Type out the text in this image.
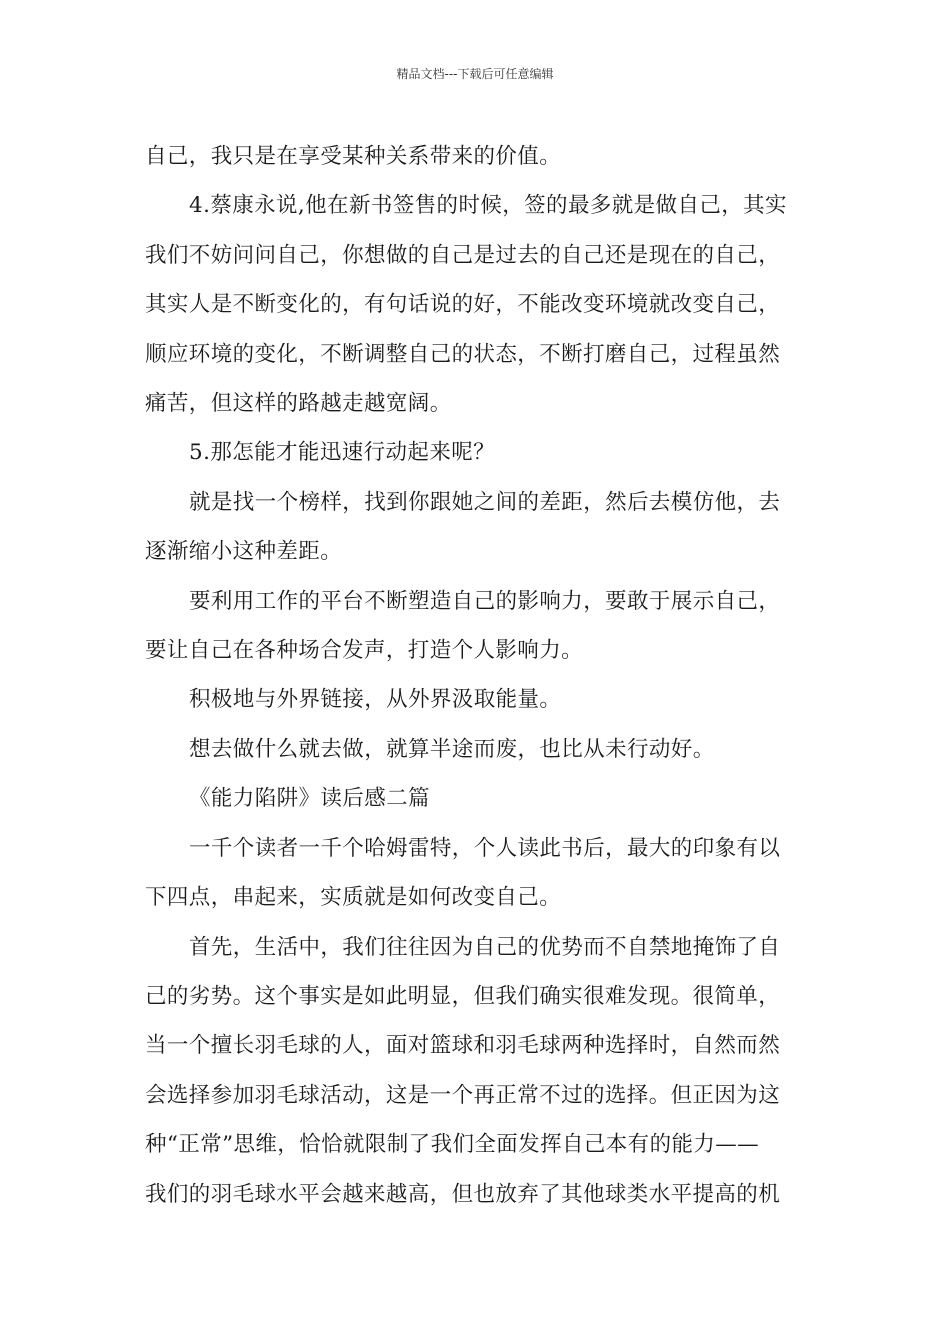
精品文档---下载后可任意编辑

自己，我只是在享受某种关系带来的价值。

4.蔡康永说,他在新书签售的时候，签的最多就是做自己，其实

我们不妨问问自己，你想做的自己是过去的自己还是现在的自己，

其实人是不断变化的，有句话说的好，不能改变环境就改变自己，

顺应环境的变化，不断调整自己的状态，不断打磨自己，过程虽然

痛苦，但这样的路越走越宽阔。

5.那怎能才能迅速行动起来呢？

就是找一个榜样，找到你跟她之间的差距，然后去模仿他，去

逐渐缩小这种差距。

要利用工作的平台不断塑造自己的影响力，要敢于展示自己，

要让自己在各种场合发声，打造个人影响力。

积极地与外界链接，从外界汲取能量。

想去做什么就去做，就算半途而废，也比从未行动好。

《能力陷阱》读后感二篇

一千个读者一千个哈姆雷特，个人读此书后，最大的印象有以

下四点，串起来，实质就是如何改变自己。

首先，生活中，我们往往因为自己的优势而不自禁地掩饰了自

己的劣势。这个事实是如此明显，但我们确实很难发现。很简单，

当一个擅长羽毛球的人，面对篮球和羽毛球两种选择时，自然而然

会选择参加羽毛球活动，这是一个再正常不过的选择。但正因为这

种“正常”思维，恰恰就限制了我们全面发挥自己本有的能力——

我们的羽毛球水平会越来越高，但也放弃了其他球类水平提高的机
